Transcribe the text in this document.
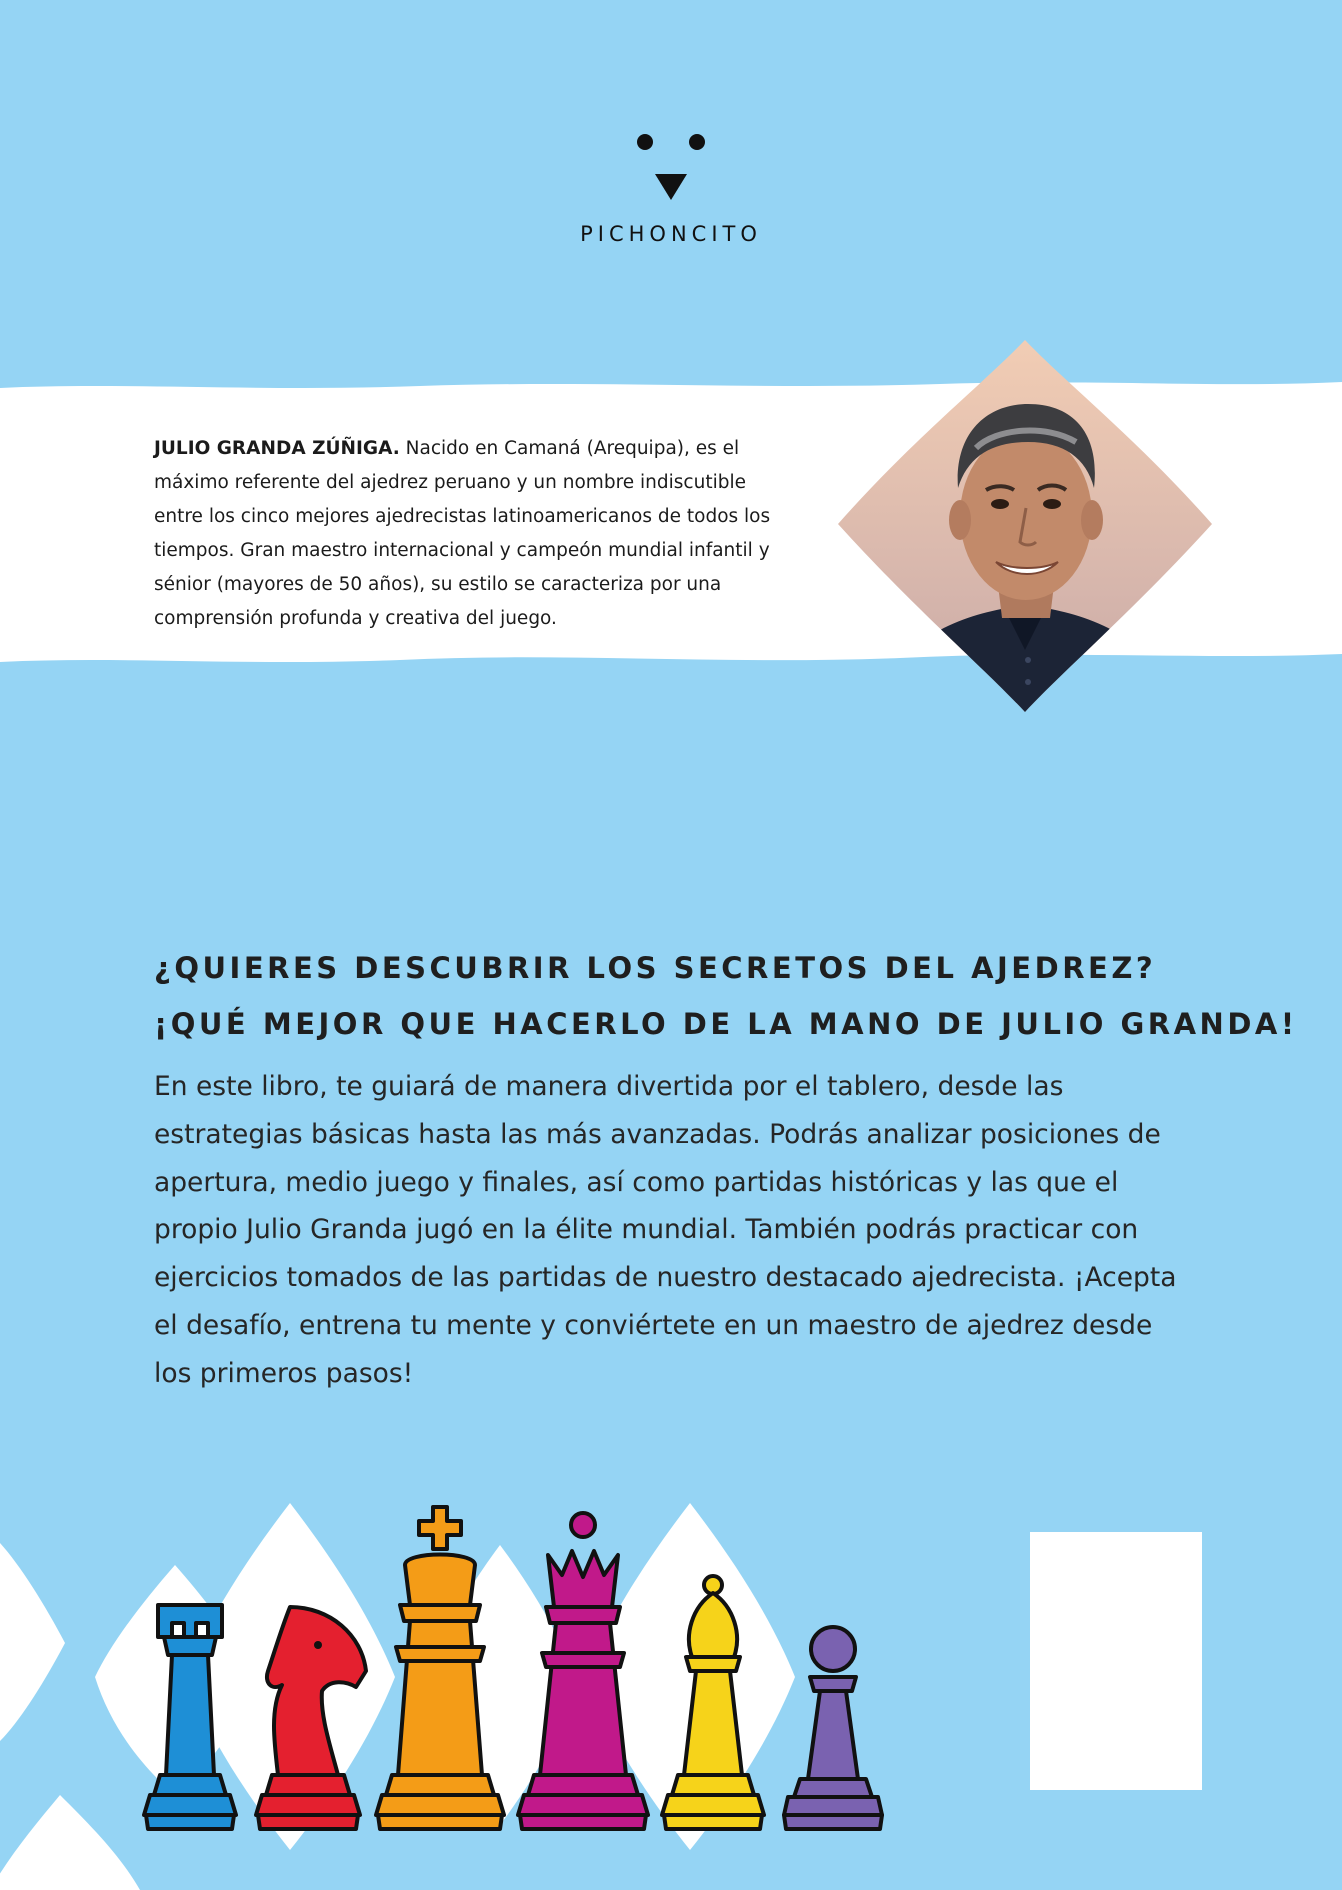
PICHONCITO
JULIO GRANDA ZÚÑIGA. Nacido en Camaná (Arequipa), es el máximo referente del ajedrez peruano y un nombre indiscutible entre los cinco mejores ajedrecistas latinoamericanos de todos los tiempos. Gran maestro internacional y campeón mundial infantil y sénior (mayores de 50 años), su estilo se caracteriza por una comprensión profunda y creativa del juego.
¿QUIERES DESCUBRIR LOS SECRETOS DEL AJEDREZ?
¡QUÉ MEJOR QUE HACERLO DE LA MANO DE JULIO GRANDA!
En este libro, te guiará de manera divertida por el tablero, desde las estrategias básicas hasta las más avanzadas. Podrás analizar posiciones de apertura, medio juego y finales, así como partidas históricas y las que el propio Julio Granda jugó en la élite mundial. También podrás practicar con ejercicios tomados de las partidas de nuestro destacado ajedrecista. ¡Acepta el desafío, entrena tu mente y conviértete en un maestro de ajedrez desde los primeros pasos!
